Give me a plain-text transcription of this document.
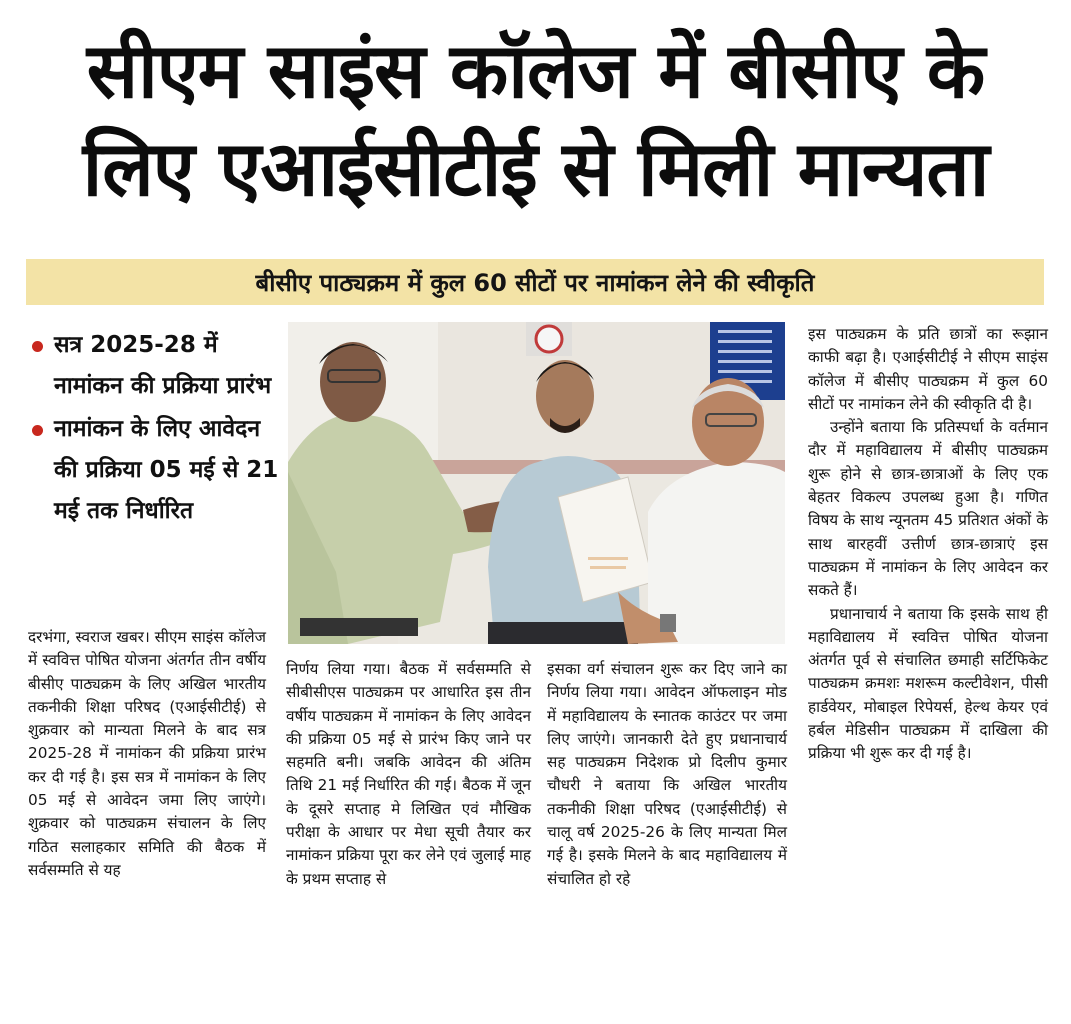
सीएम साइंस कॉलेज में बीसीए के
लिए एआईसीटीई से मिली मान्यता
बीसीए पाठ्यक्रम में कुल 60 सीटों पर नामांकन लेने की स्वीकृति
सत्र 2025-28 में नामांकन की प्रक्रिया प्रारंभ
नामांकन के लिए आवेदन की प्रक्रिया 05 मई से 21 मई तक निर्धारित

दरभंगा, स्वराज खबर। सीएम साइंस कॉलेज में स्ववित्त पोषित योजना अंतर्गत तीन वर्षीय बीसीए पाठ्यक्रम के लिए अखिल भारतीय तकनीकी शिक्षा परिषद (एआईसीटीई) से शुक्रवार को मान्यता मिलने के बाद सत्र 2025-28 में नामांकन की प्रक्रिया प्रारंभ कर दी गई है। इस सत्र में नामांकन के लिए 05 मई से आवेदन जमा लिए जाएंगे। शुक्रवार को पाठ्यक्रम संचालन के लिए गठित सलाहकार समिति की बैठक में सर्वसम्मति से यह

निर्णय लिया गया। बैठक में सर्वसम्मति से सीबीसीएस पाठ्यक्रम पर आधारित इस तीन वर्षीय पाठ्यक्रम में नामांकन के लिए आवेदन की प्रक्रिया 05 मई से प्रारंभ किए जाने पर सहमति बनी। जबकि आवेदन की अंतिम तिथि 21 मई निर्धारित की गई। बैठक में जून के दूसरे सप्ताह मे लिखित एवं मौखिक परीक्षा के आधार पर मेधा सूची तैयार कर नामांकन प्रक्रिया पूरा कर लेने एवं जुलाई माह के प्रथम सप्ताह से

इसका वर्ग संचालन शुरू कर दिए जाने का निर्णय लिया गया। आवेदन ऑफलाइन मोड में महाविद्यालय के स्नातक काउंटर पर जमा लिए जाएंगे। जानकारी देते हुए प्रधानाचार्य सह पाठ्यक्रम निदेशक प्रो दिलीप कुमार चौधरी ने बताया कि अखिल भारतीय तकनीकी शिक्षा परिषद (एआईसीटीई) से चालू वर्ष 2025-26 के लिए मान्यता मिल गई है। इसके मिलने के बाद महाविद्यालय में संचालित हो रहे

इस पाठ्यक्रम के प्रति छात्रों का रूझान काफी बढ़ा है। एआईसीटीई ने सीएम साइंस कॉलेज में बीसीए पाठ्यक्रम में कुल 60 सीटों पर नामांकन लेने की स्वीकृति दी है।

उन्होंने बताया कि प्रतिस्पर्धा के वर्तमान दौर में महाविद्यालय में बीसीए पाठ्यक्रम शुरू होने से छात्र-छात्राओं के लिए एक बेहतर विकल्प उपलब्ध हुआ है। गणित विषय के साथ न्यूनतम 45 प्रतिशत अंकों के साथ बारहवीं उत्तीर्ण छात्र-छात्राएं इस पाठ्यक्रम में नामांकन के लिए आवेदन कर सकते हैं।

प्रधानाचार्य ने बताया कि इसके साथ ही महाविद्यालय में स्ववित्त पोषित योजना अंतर्गत पूर्व से संचालित छमाही सर्टिफिकेट पाठ्यक्रम क्रमशः मशरूम कल्टीवेशन, पीसी हार्डवेयर, मोबाइल रिपेयर्स, हेल्थ केयर एवं हर्बल मेडिसीन पाठ्यक्रम में दाखिला की प्रक्रिया भी शुरू कर दी गई है।
